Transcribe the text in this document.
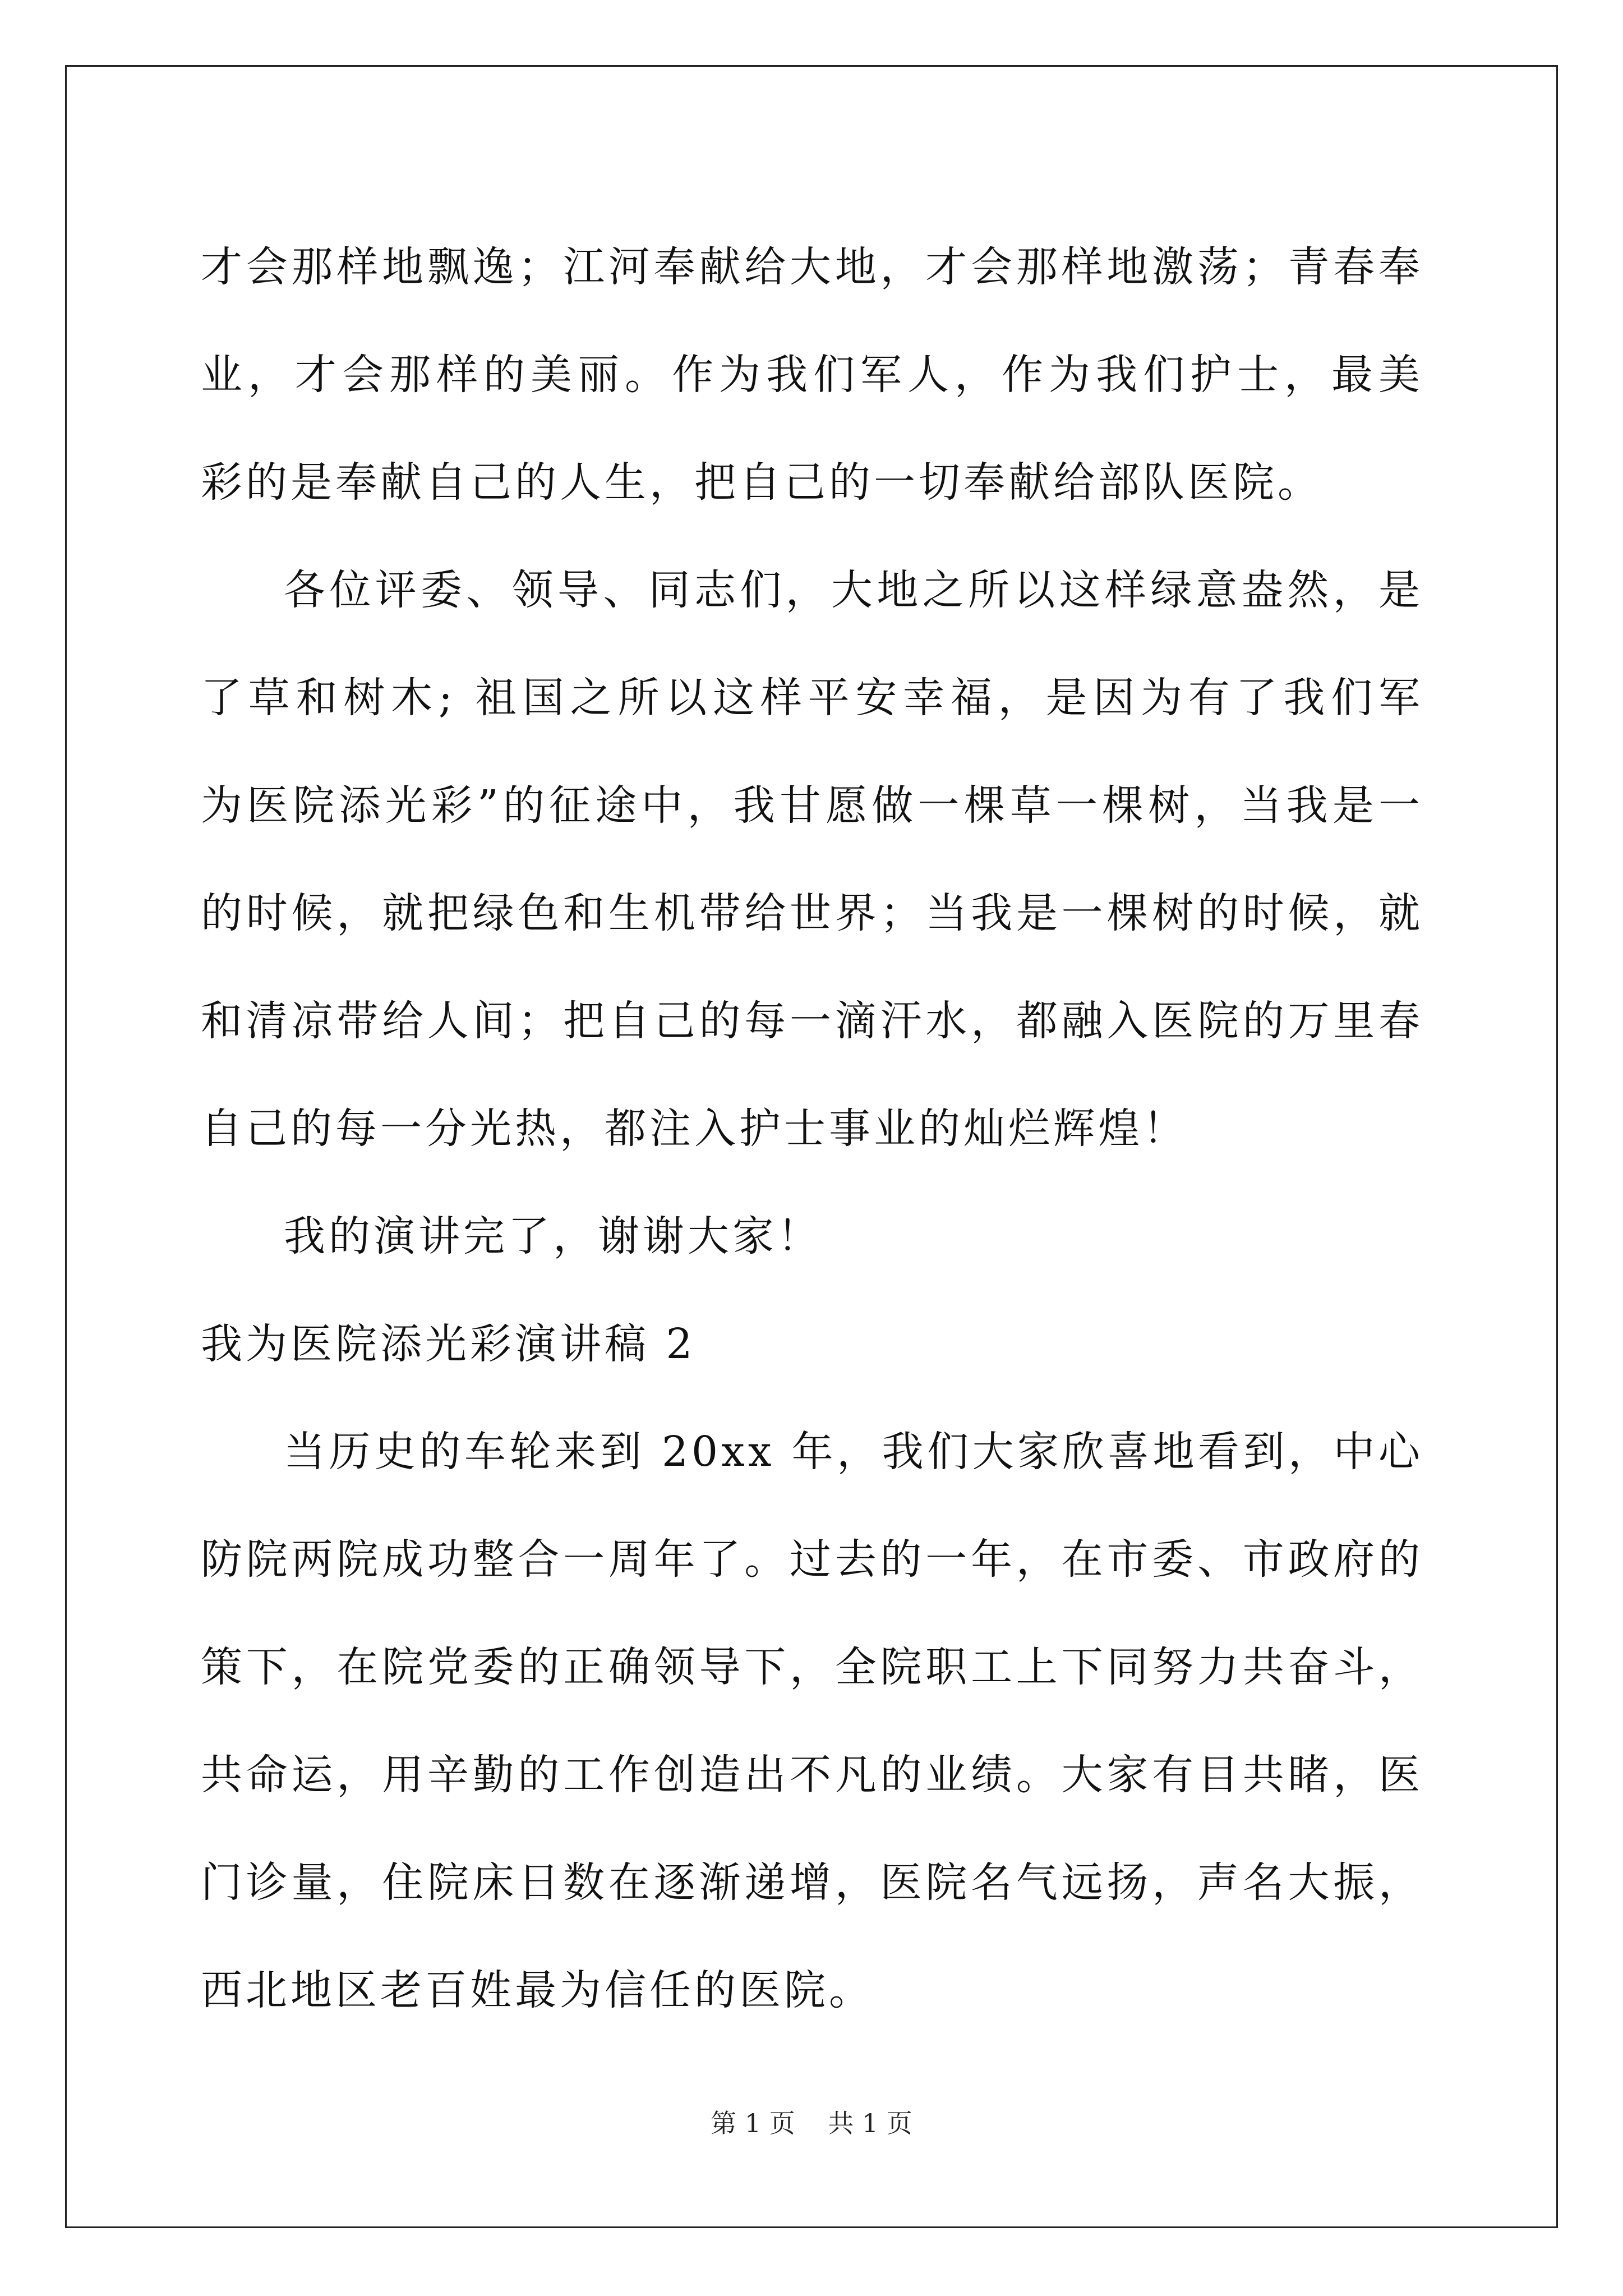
才会那样地飘逸；江河奉献给大地，才会那样地激荡；青春奉
业，才会那样的美丽。作为我们军人，作为我们护士，最美
彩的是奉献自己的人生，把自己的一切奉献给部队医院。
各位评委、领导、同志们，大地之所以这样绿意盎然，是
了草和树木; 祖国之所以这样平安幸福，是因为有了我们军
为医院添光彩”的征途中，我甘愿做一棵草一棵树，当我是一
的时候，就把绿色和生机带给世界；当我是一棵树的时候，就
和清凉带给人间；把自己的每一滴汗水，都融入医院的万里春
自己的每一分光热，都注入护士事业的灿烂辉煌！
我的演讲完了，谢谢大家！
我为医院添光彩演讲稿 2
当历史的车轮来到 20xx 年，我们大家欣喜地看到，中心
防院两院成功整合一周年了。过去的一年，在市委、市政府的
策下，在院党委的正确领导下，全院职工上下同努力共奋斗，
共命运，用辛勤的工作创造出不凡的业绩。大家有目共睹，医
门诊量，住院床日数在逐渐递增，医院名气远扬，声名大振，
西北地区老百姓最为信任的医院。
第 1 页    共 1 页
